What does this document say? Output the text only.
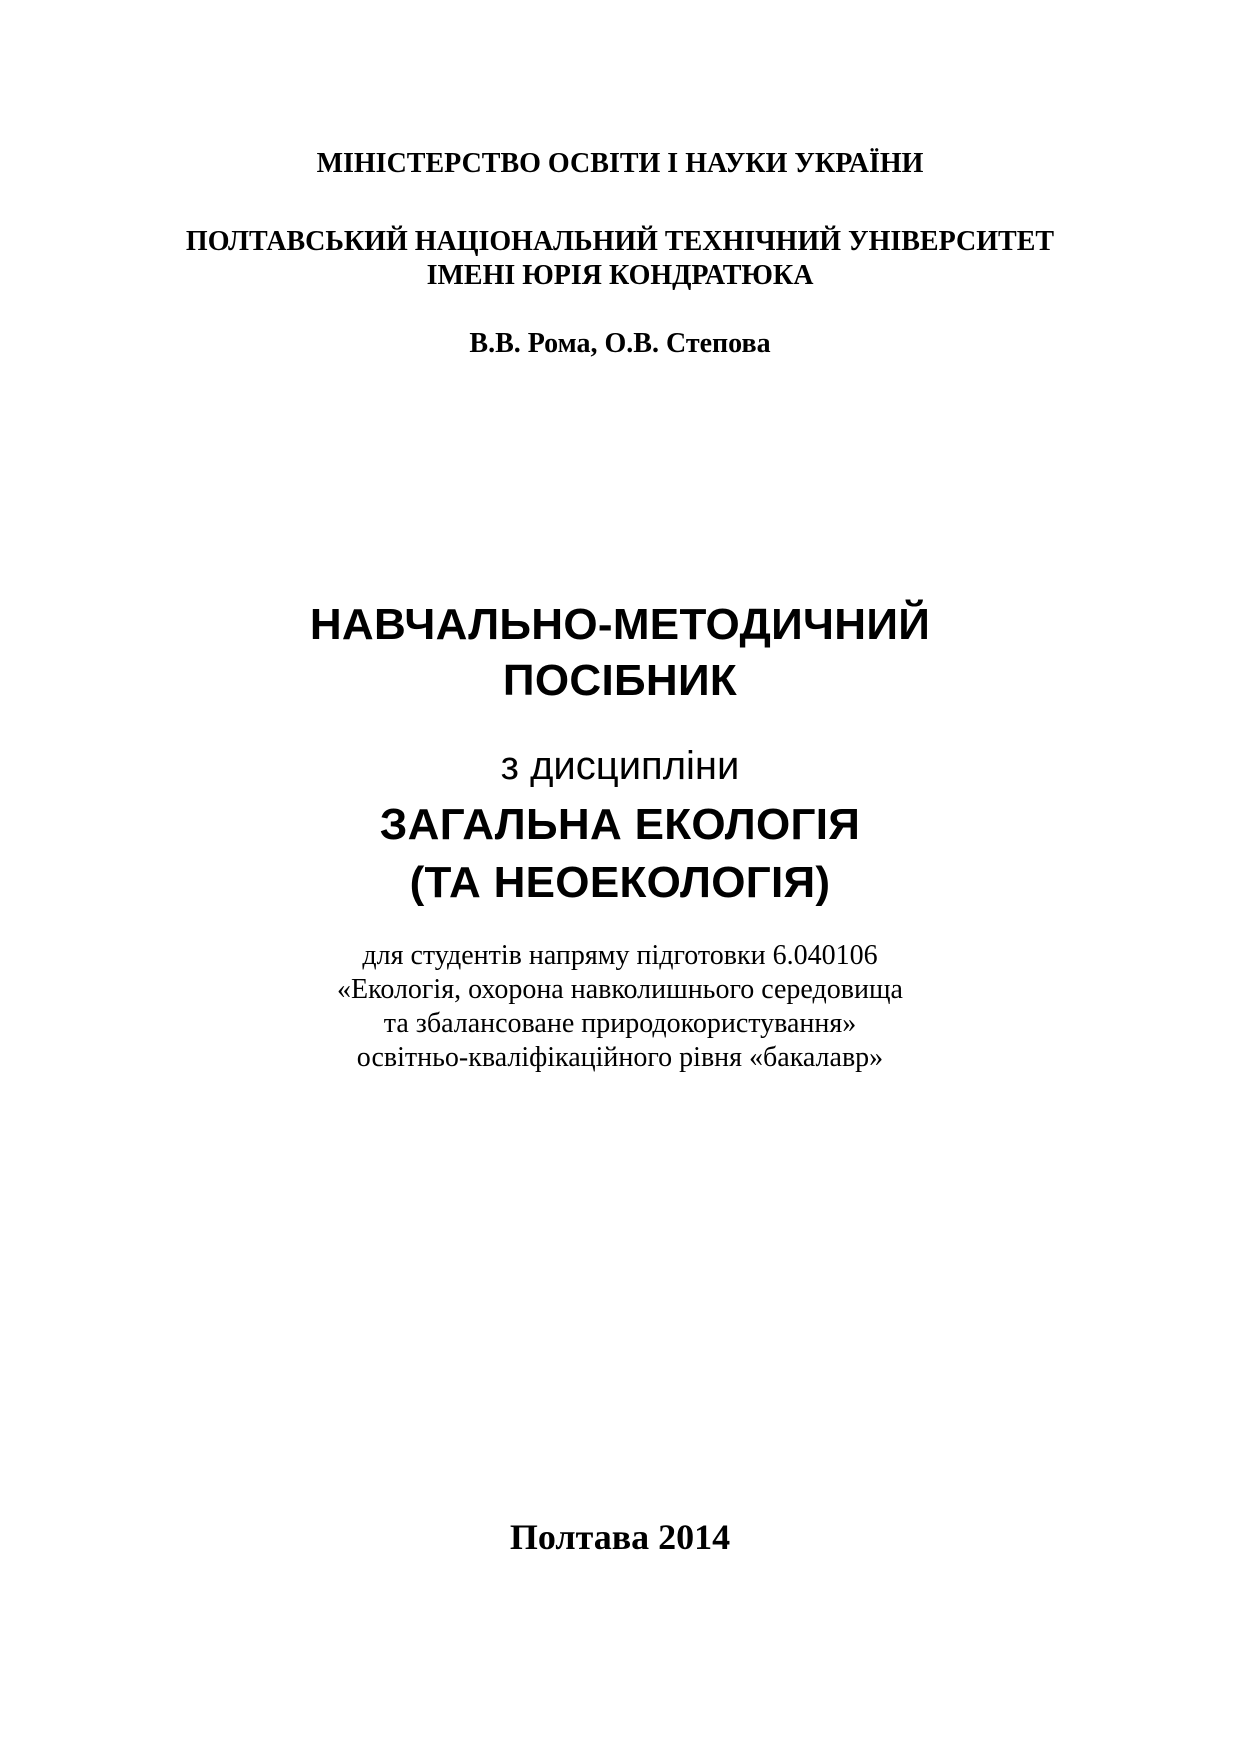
МІНІСТЕРСТВО ОСВІТИ І НАУКИ УКРАЇНИ
ПОЛТАВСЬКИЙ НАЦІОНАЛЬНИЙ ТЕХНІЧНИЙ УНІВЕРСИТЕТ
ІМЕНІ ЮРІЯ КОНДРАТЮКА
В.В. Рома, О.В. Степова
НАВЧАЛЬНО-МЕТОДИЧНИЙ
ПОСІБНИК
з дисципліни
ЗАГАЛЬНА ЕКОЛОГІЯ
(ТА НЕОЕКОЛОГІЯ)
для студентів напряму підготовки 6.040106
«Екологія, охорона навколишнього середовища
та збалансоване природокористування»
освітньо-кваліфікаційного рівня «бакалавр»
Полтава 2014
